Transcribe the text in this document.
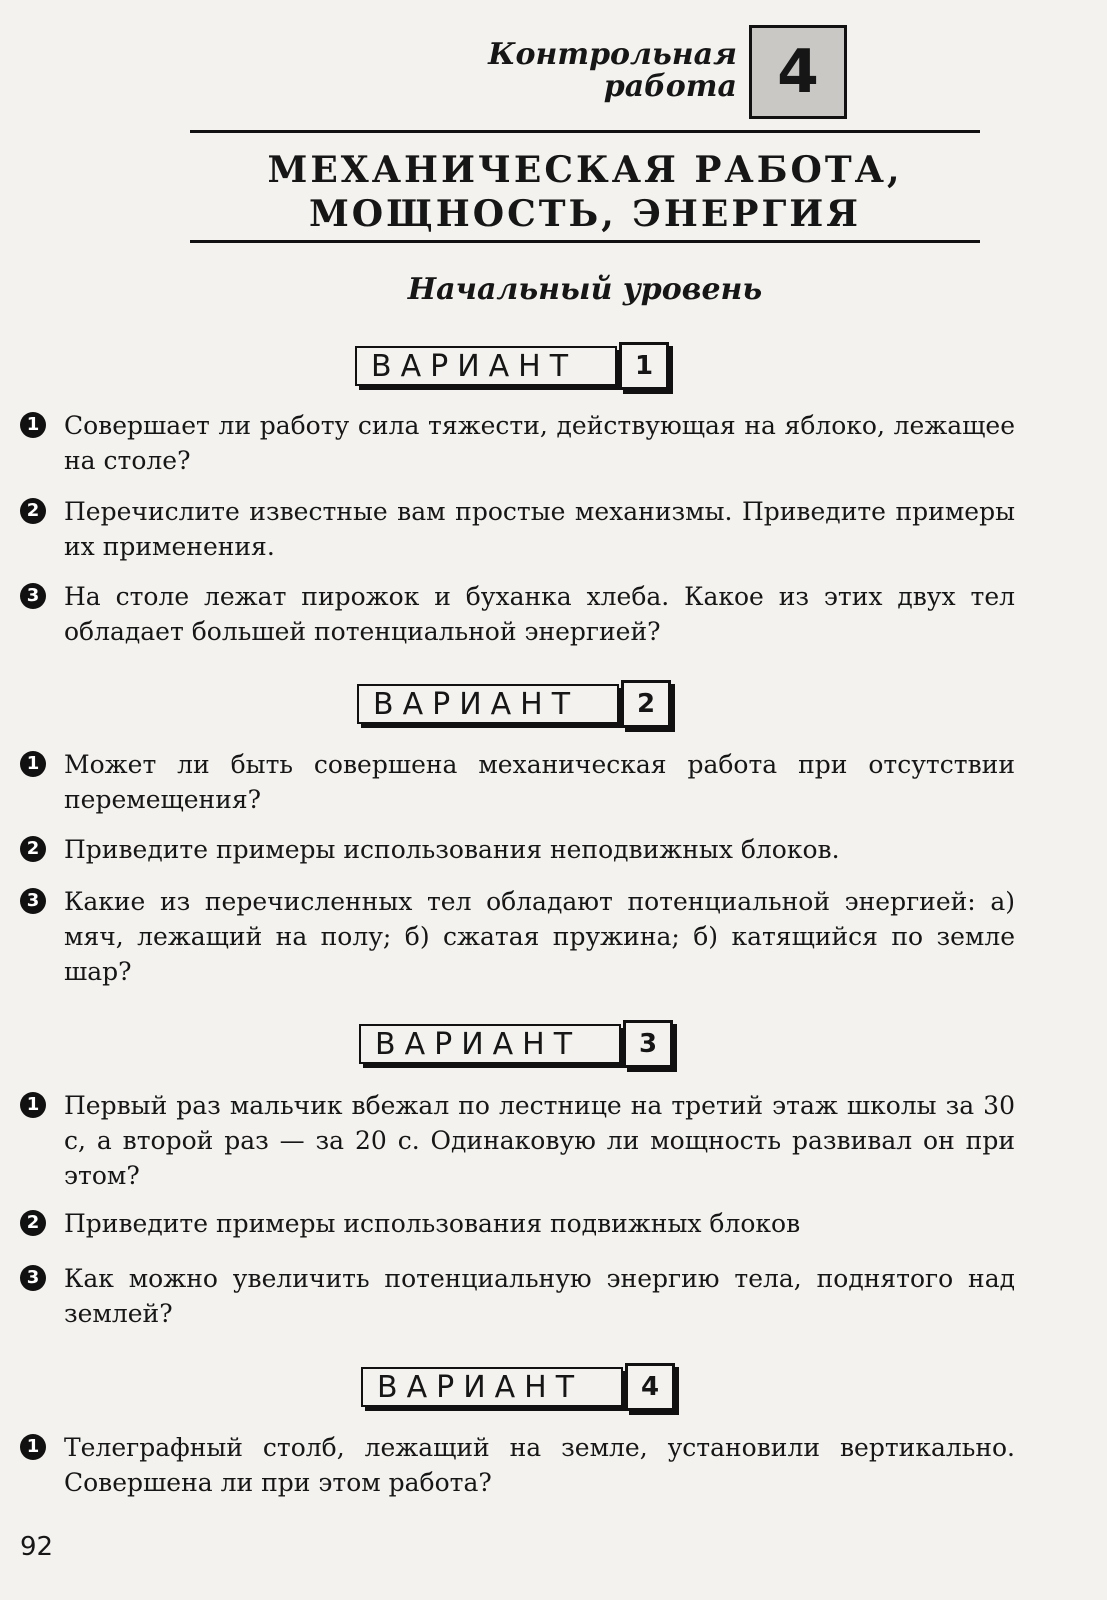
Контрольная работа 4
МЕХАНИЧЕСКАЯ РАБОТА, МОЩНОСТЬ, ЭНЕРГИЯ
Начальный уровень
ВАРИАНТ	1
1 Совершает ли работу сила тяжести, действующая на яблоко, лежащее на столе?
2 Перечислите известные вам простые механизмы. Приведите примеры их применения.
3 На столе лежат пирожок и буханка хлеба. Какое из этих двух тел обладает большей потенциальной энергией?
ВАРИАНТ	2
1 Может ли быть совершена механическая работа при отсутствии перемещения?
2 Приведите примеры использования неподвижных блоков.
3 Какие из перечисленных тел обладают потенциальной энергией: а) мяч, лежащий на полу; б) сжатая пружина; б) катящийся по земле шар?
ВАРИАНТ	3
1 Первый раз мальчик вбежал по лестнице на третий этаж школы за 30 с, а второй раз — за 20 с. Одинаковую ли мощность развивал он при этом?
2 Приведите примеры использования подвижных блоков
3 Как можно увеличить потенциальную энергию тела, поднятого над землей?
ВАРИАНТ	4
1 Телеграфный столб, лежащий на земле, установили вертикально. Совершена ли при этом работа?
92
